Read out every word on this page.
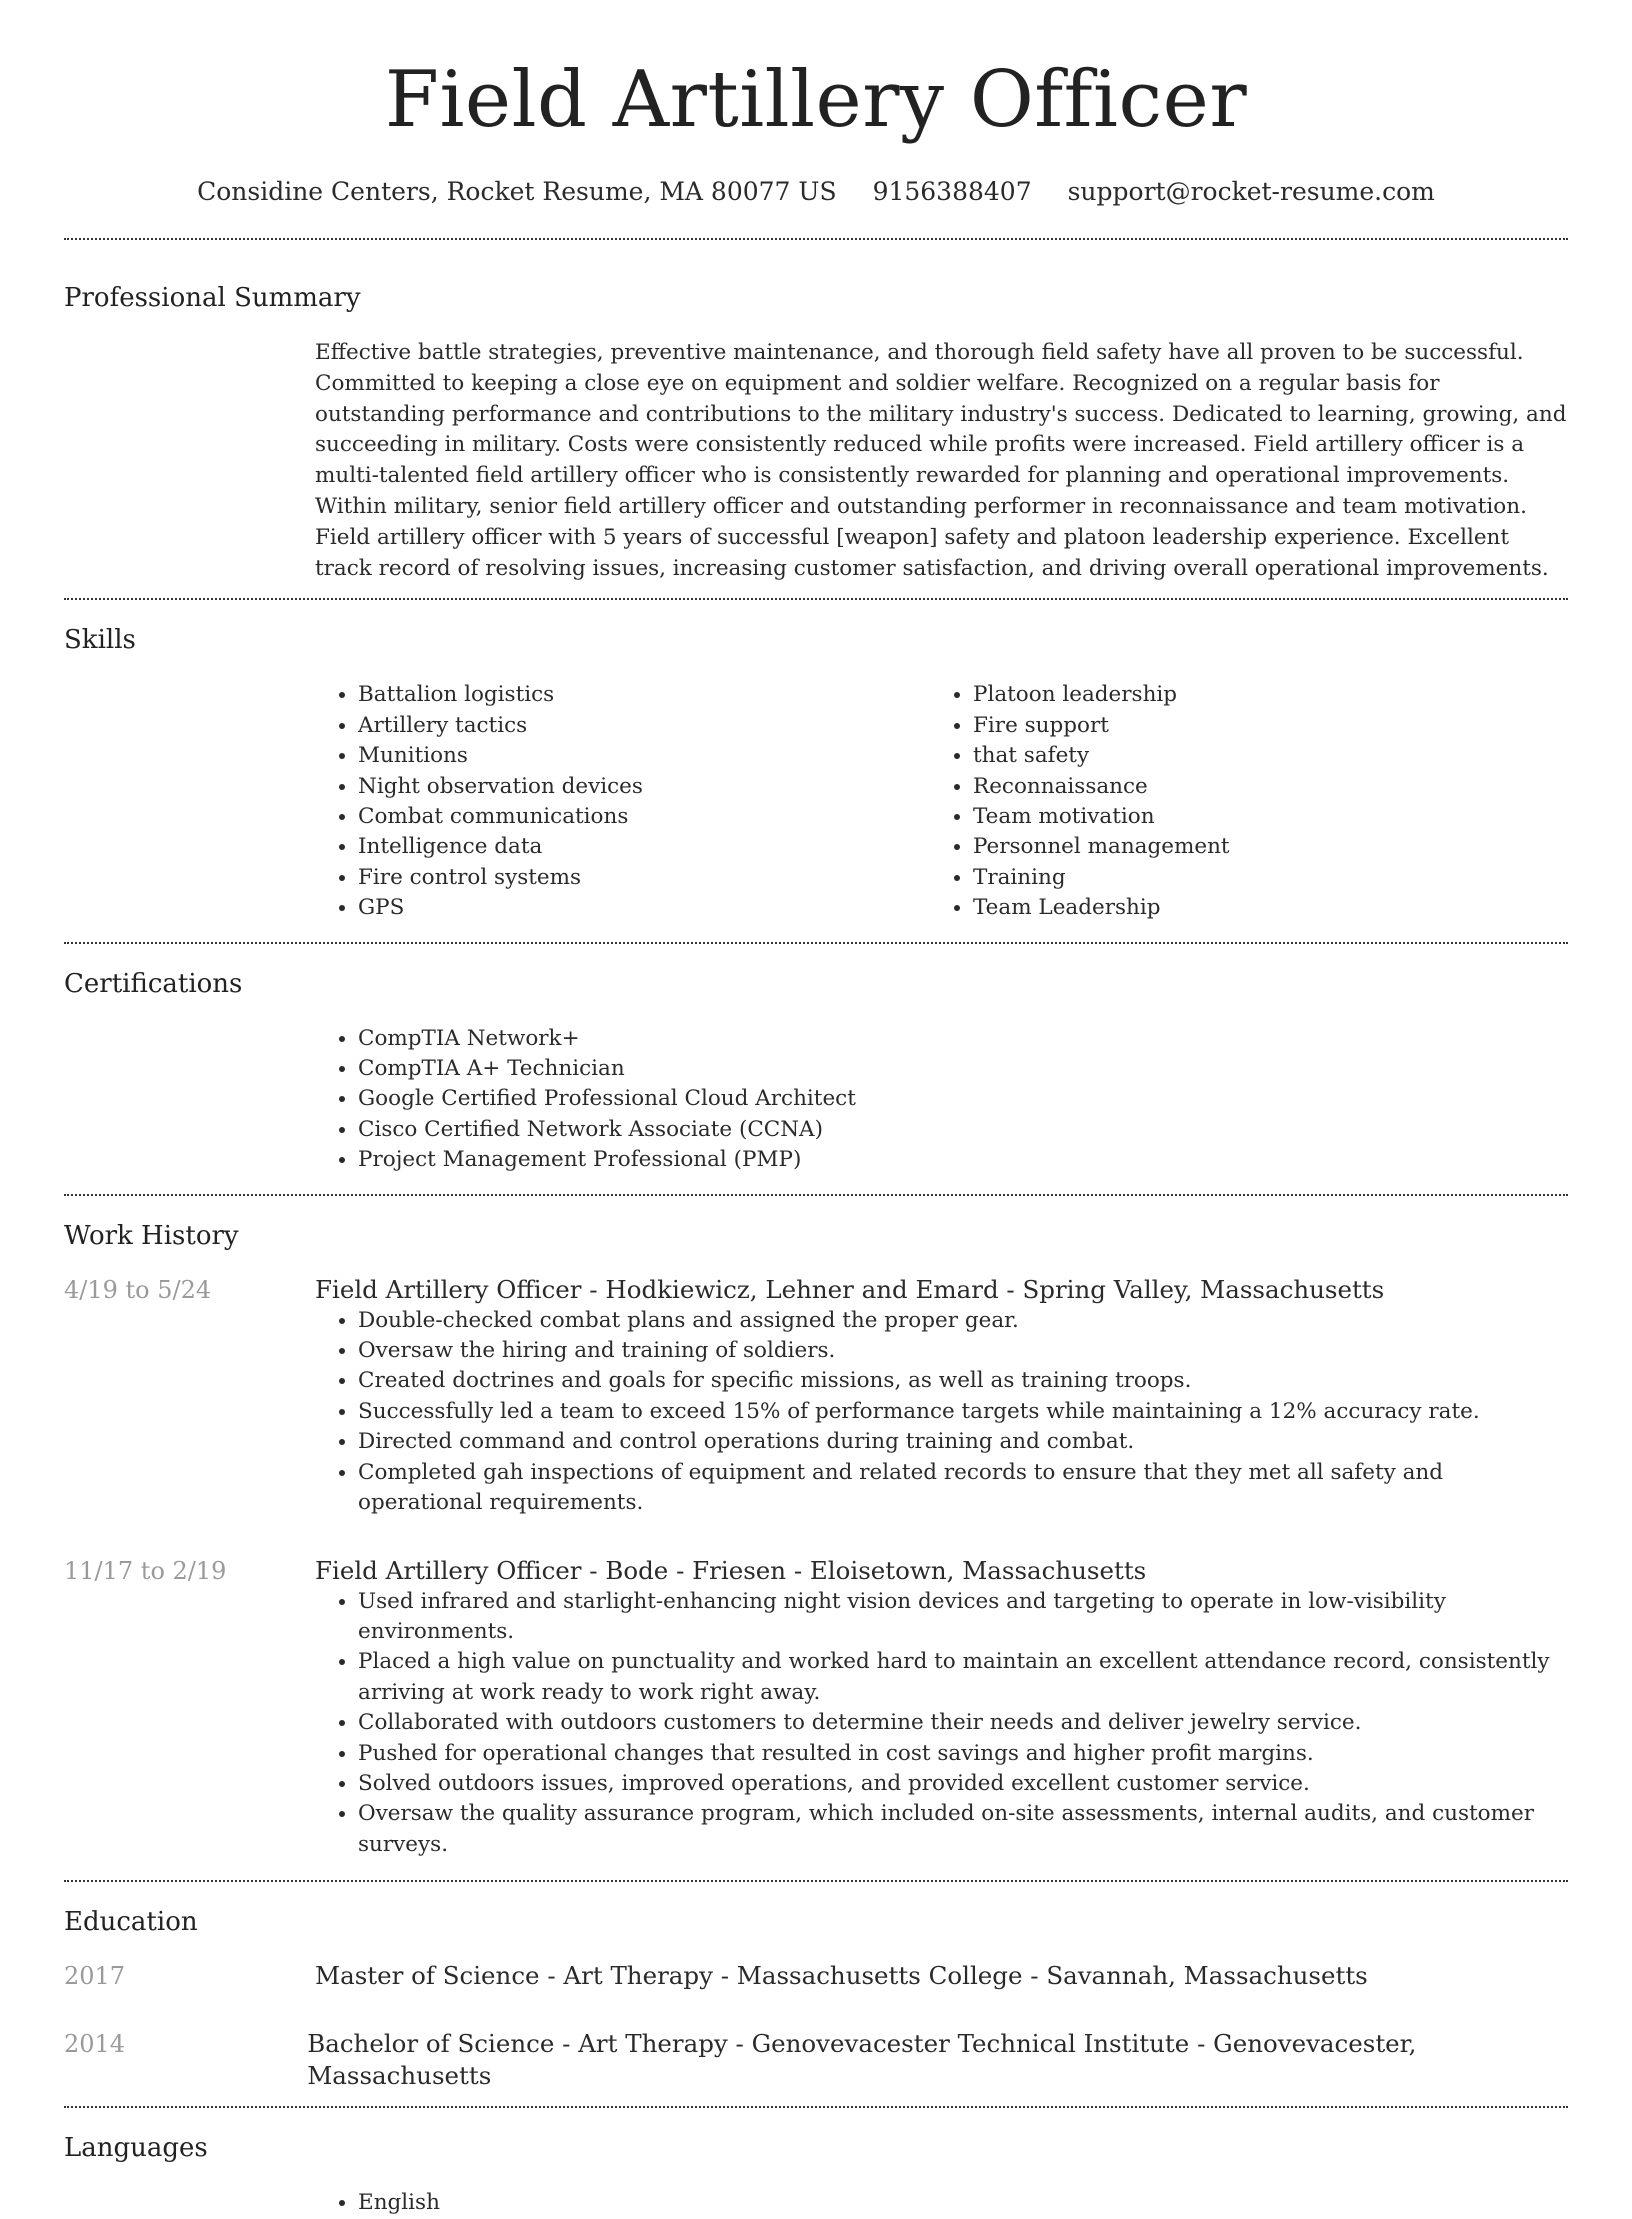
Field Artillery Officer
Considine Centers, Rocket Resume, MA 80077 US 9156388407 support@rocket-resume.com
Professional Summary

Effective battle strategies, preventive maintenance, and thorough field safety have all proven to be successful. Committed to keeping a close eye on equipment and soldier welfare. Recognized on a regular basis for outstanding performance and contributions to the military industry's success. Dedicated to learning, growing, and succeeding in military. Costs were consistently reduced while profits were increased. Field artillery officer is a multi-talented field artillery officer who is consistently rewarded for planning and operational improvements. Within military, senior field artillery officer and outstanding performer in reconnaissance and team motivation. Field artillery officer with 5 years of successful [weapon] safety and platoon leadership experience. Excellent track record of resolving issues, increasing customer satisfaction, and driving overall operational improvements.

Skills
• Battalion logistics
• Artillery tactics
• Munitions
• Night observation devices
• Combat communications
• Intelligence data
• Fire control systems
• GPS
• Platoon leadership
• Fire support
• that safety
• Reconnaissance
• Team motivation
• Personnel management
• Training
• Team Leadership
Certifications
• CompTIA Network+
• CompTIA A+ Technician
• Google Certified Professional Cloud Architect
• Cisco Certified Network Associate (CCNA)
• Project Management Professional (PMP)
Work History
4/19 to 5/24	Field Artillery Officer - Hodkiewicz, Lehner and Emard - Spring Valley, Massachusetts
• Double-checked combat plans and assigned the proper gear.
• Oversaw the hiring and training of soldiers.
• Created doctrines and goals for specific missions, as well as training troops.
• Successfully led a team to exceed 15% of performance targets while maintaining a 12% accuracy rate.
• Directed command and control operations during training and combat.
• Completed gah inspections of equipment and related records to ensure that they met all safety and operational requirements.
11/17 to 2/19	Field Artillery Officer - Bode - Friesen - Eloisetown, Massachusetts
• Used infrared and starlight-enhancing night vision devices and targeting to operate in low-visibility environments.
• Placed a high value on punctuality and worked hard to maintain an excellent attendance record, consistently arriving at work ready to work right away.
• Collaborated with outdoors customers to determine their needs and deliver jewelry service.
• Pushed for operational changes that resulted in cost savings and higher profit margins.
• Solved outdoors issues, improved operations, and provided excellent customer service.
• Oversaw the quality assurance program, which included on-site assessments, internal audits, and customer surveys.
Education
2017	Master of Science - Art Therapy - Massachusetts College - Savannah, Massachusetts
2014	Bachelor of Science - Art Therapy - Genovevacester Technical Institute - Genovevacester, Massachusetts
Languages
• English
